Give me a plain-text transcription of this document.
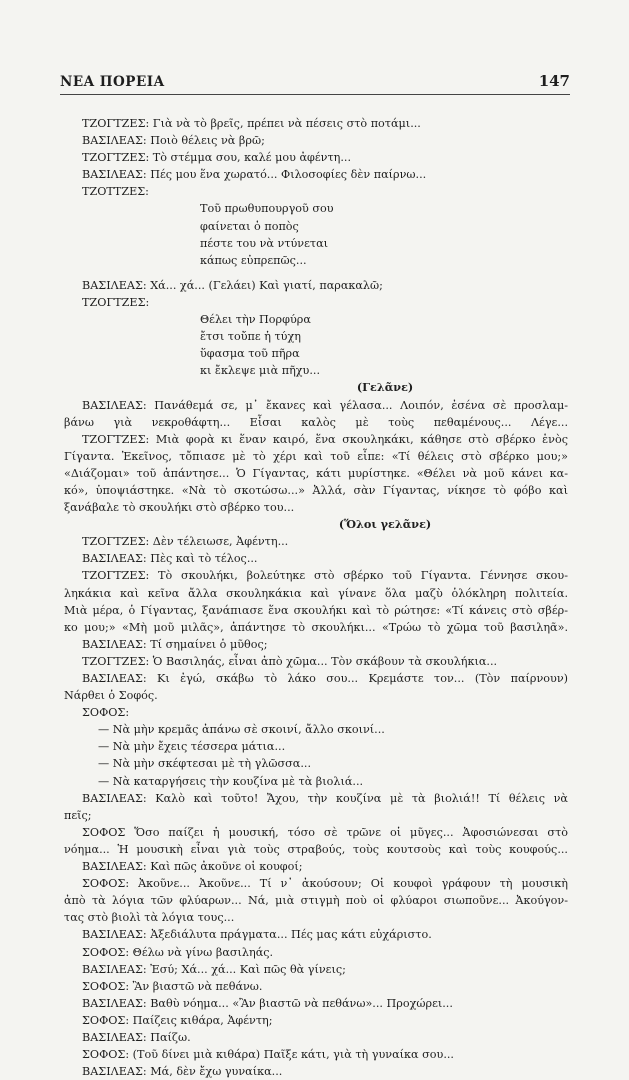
ΝΕΑ ΠΟΡΕΙΑ	147
ΤΖΟΓΤΖΕΣ: Γιὰ νὰ τὸ βρεῖς, πρέπει νὰ πέσεις στὸ ποτάμι...
ΒΑΣΙΛΕΑΣ: Ποιὸ θέλεις νὰ βρῶ;
ΤΖΟΓΤΖΕΣ: Τὸ στέμμα σου, καλέ μου ἀφέντη...
ΒΑΣΙΛΕΑΣ: Πές μου ἕνα χωρατό... Φιλοσοφίες δὲν παίρνω...
ΤΖΟΤΤΖΕΣ:
Τοῦ πρωθυπουργοῦ σου
φαίνεται ὁ ποπὸς
πέστε του νὰ ντύνεται
κάπως εὐπρεπῶς...
ΒΑΣΙΛΕΑΣ: Χά... χά... (Γελάει) Καὶ γιατί, παρακαλῶ;
ΤΖΟΓΤΖΕΣ:
Θέλει τὴν Πορφύρα
ἔτσι τοὔπε ἡ τύχη
ὕφασμα τοῦ πῆρα
κι ἔκλεψε μιὰ πῆχυ...
(Γελᾶνε)
ΒΑΣΙΛΕΑΣ: Πανάθεμά σε, μ᾿ ἔκανες καὶ γέλασα... Λοιπόν, ἐσένα σὲ προσλαμ-
βάνω γιὰ νεκροθάφτη... Εἶσαι καλὸς μὲ τοὺς πεθαμένους... Λέγε...
ΤΖΟΓΤΖΕΣ: Μιὰ φορὰ κι ἕναν καιρό, ἕνα σκουληκάκι, κάθησε στὸ σβέρκο ἑνὸς
Γίγαντα. Ἐκεῖνος, τὄπιασε μὲ τὸ χέρι καὶ τοῦ εἶπε: «Τί θέλεις στὸ σβέρκο μου;»
«Διάζομαι» τοῦ ἀπάντησε... Ὁ Γίγαντας, κάτι μυρίστηκε. «Θέλει νὰ μοῦ κάνει κα-
κό», ὑποψιάστηκε. «Νὰ τὸ σκοτώσω...» Ἀλλά, σὰν Γίγαντας, νίκησε τὸ φόβο καὶ
ξανάβαλε τὸ σκουλήκι στὸ σβέρκο του...
(Ὅλοι γελᾶνε)
ΤΖΟΓΤΖΕΣ: Δὲν τέλειωσε, Ἀφέντη...
ΒΑΣΙΛΕΑΣ: Πὲς καὶ τὸ τέλος...
ΤΖΟΓΤΖΕΣ: Τὸ σκουλήκι, βολεύτηκε στὸ σβέρκο τοῦ Γίγαντα. Γέννησε σκου-
ληκάκια καὶ κεῖνα ἄλλα σκουληκάκια καὶ γίνανε ὅλα μαζὺ ὁλόκληρη πολιτεία.
Μιὰ μέρα, ὁ Γίγαντας, ξανάπιασε ἕνα σκουλήκι καὶ τὸ ρώτησε: «Τί κάνεις στὸ σβέρ-
κο μου;» «Μὴ μοῦ μιλᾶς», ἀπάντησε τὸ σκουλήκι... «Τρώω τὸ χῶμα τοῦ βασιληᾶ».
ΒΑΣΙΛΕΑΣ: Τί σημαίνει ὁ μῦθος;
ΤΖΟΓΤΖΕΣ: Ὁ Βασιληάς, εἶναι ἀπὸ χῶμα... Τὸν σκάβουν τὰ σκουλήκια...
ΒΑΣΙΛΕΑΣ: Κι ἐγώ, σκάβω τὸ λάκο σου... Κρεμάστε τον... (Τὸν παίρνουν)
Νάρθει ὁ Σοφός.
ΣΟΦΟΣ:
— Νὰ μὴν κρεμᾶς ἀπάνω σὲ σκοινί, ἄλλο σκοινί...
— Νὰ μὴν ἔχεις τέσσερα μάτια...
— Νὰ μὴν σκέφτεσαι μὲ τὴ γλῶσσα...
— Νὰ καταργήσεις τὴν κουζίνα μὲ τὰ βιολιά...
ΒΑΣΙΛΕΑΣ: Καλὸ καὶ τοῦτο! Ἄχου, τὴν κουζίνα μὲ τὰ βιολιά!! Τί θέλεις νὰ
πεῖς;
ΣΟΦΟΣ Ὅσο παίζει ἡ μουσική, τόσο σὲ τρῶνε οἱ μῦγες... Ἀφοσιώνεσαι στὸ
νόημα... Ἡ μουσικὴ εἶναι γιὰ τοὺς στραβούς, τοὺς κουτσοὺς καὶ τοὺς κουφούς...
ΒΑΣΙΛΕΑΣ: Καὶ πῶς ἀκοῦνε οἱ κουφοί;
ΣΟΦΟΣ: Ἀκοῦνε... Ἀκοῦνε... Τί ν᾿ ἀκούσουν; Οἱ κουφοὶ γράφουν τὴ μουσικὴ
ἀπὸ τὰ λόγια τῶν φλύαρων... Νά, μιὰ στιγμὴ ποὺ οἱ φλύαροι σιωποῦνε... Ἀκούγον-
τας στὸ βιολὶ τὰ λόγια τους...
ΒΑΣΙΛΕΑΣ: Ἀξεδιάλυτα πράγματα... Πές μας κάτι εὐχάριστο.
ΣΟΦΟΣ: Θέλω νὰ γίνω βασιληάς.
ΒΑΣΙΛΕΑΣ: Ἐσύ; Χά... χά... Καὶ πῶς θὰ γίνεις;
ΣΟΦΟΣ: Ἂν βιαστῶ νὰ πεθάνω.
ΒΑΣΙΛΕΑΣ: Βαθὺ νόημα... «Ἂν βιαστῶ νὰ πεθάνω»... Προχώρει...
ΣΟΦΟΣ: Παίζεις κιθάρα, Ἀφέντη;
ΒΑΣΙΛΕΑΣ: Παίζω.
ΣΟΦΟΣ: (Τοῦ δίνει μιὰ κιθάρα) Παῖξε κάτι, γιὰ τὴ γυναίκα σου...
ΒΑΣΙΛΕΑΣ: Μά, δὲν ἔχω γυναίκα...
